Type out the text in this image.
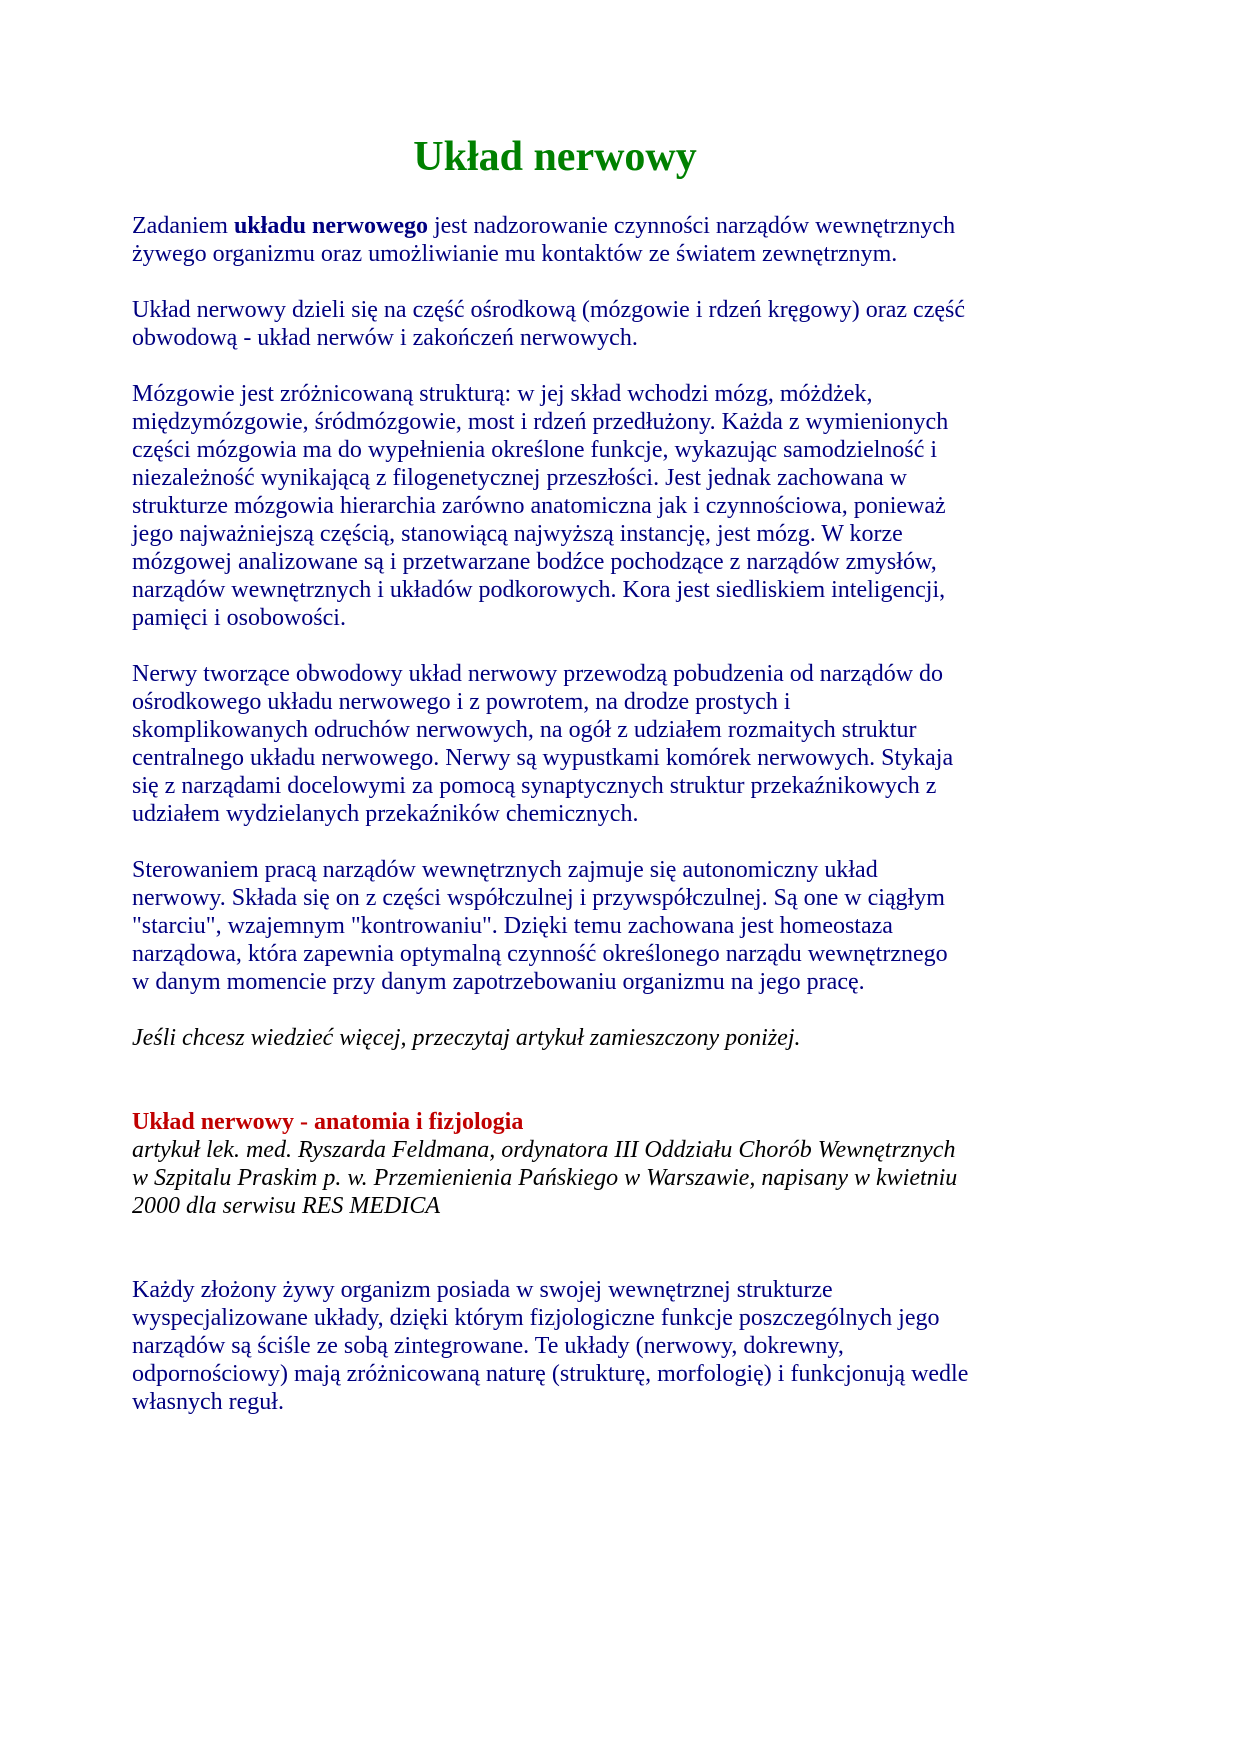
Układ nerwowy

Zadaniem układu nerwowego jest nadzorowanie czynności narządów wewnętrznych
żywego organizmu oraz umożliwianie mu kontaktów ze światem zewnętrznym.

Układ nerwowy dzieli się na część ośrodkową (mózgowie i rdzeń kręgowy) oraz część
obwodową - układ nerwów i zakończeń nerwowych.

Mózgowie jest zróżnicowaną strukturą: w jej skład wchodzi mózg, móżdżek,
międzymózgowie, śródmózgowie, most i rdzeń przedłużony. Każda z wymienionych
części mózgowia ma do wypełnienia określone funkcje, wykazując samodzielność i
niezależność wynikającą z filogenetycznej przeszłości. Jest jednak zachowana w
strukturze mózgowia hierarchia zarówno anatomiczna jak i czynnościowa, ponieważ
jego najważniejszą częścią, stanowiącą najwyższą instancję, jest mózg. W korze
mózgowej analizowane są i przetwarzane bodźce pochodzące z narządów zmysłów,
narządów wewnętrznych i układów podkorowych. Kora jest siedliskiem inteligencji,
pamięci i osobowości.

Nerwy tworzące obwodowy układ nerwowy przewodzą pobudzenia od narządów do
ośrodkowego układu nerwowego i z powrotem, na drodze prostych i
skomplikowanych odruchów nerwowych, na ogół z udziałem rozmaitych struktur
centralnego układu nerwowego. Nerwy są wypustkami komórek nerwowych. Stykaja
się z narządami docelowymi za pomocą synaptycznych struktur przekaźnikowych z
udziałem wydzielanych przekaźników chemicznych.

Sterowaniem pracą narządów wewnętrznych zajmuje się autonomiczny układ
nerwowy. Składa się on z części współczulnej i przywspółczulnej. Są one w ciągłym
"starciu", wzajemnym "kontrowaniu". Dzięki temu zachowana jest homeostaza
narządowa, która zapewnia optymalną czynność określonego narządu wewnętrznego
w danym momencie przy danym zapotrzebowaniu organizmu na jego pracę.

Jeśli chcesz wiedzieć więcej, przeczytaj artykuł zamieszczony poniżej.

Układ nerwowy - anatomia i fizjologia
artykuł lek. med. Ryszarda Feldmana, ordynatora III Oddziału Chorób Wewnętrznych
w Szpitalu Praskim p. w. Przemienienia Pańskiego w Warszawie, napisany w kwietniu
2000 dla serwisu RES MEDICA

Każdy złożony żywy organizm posiada w swojej wewnętrznej strukturze
wyspecjalizowane układy, dzięki którym fizjologiczne funkcje poszczególnych jego
narządów są ściśle ze sobą zintegrowane. Te układy (nerwowy, dokrewny,
odpornościowy) mają zróżnicowaną naturę (strukturę, morfologię) i funkcjonują wedle
własnych reguł.
